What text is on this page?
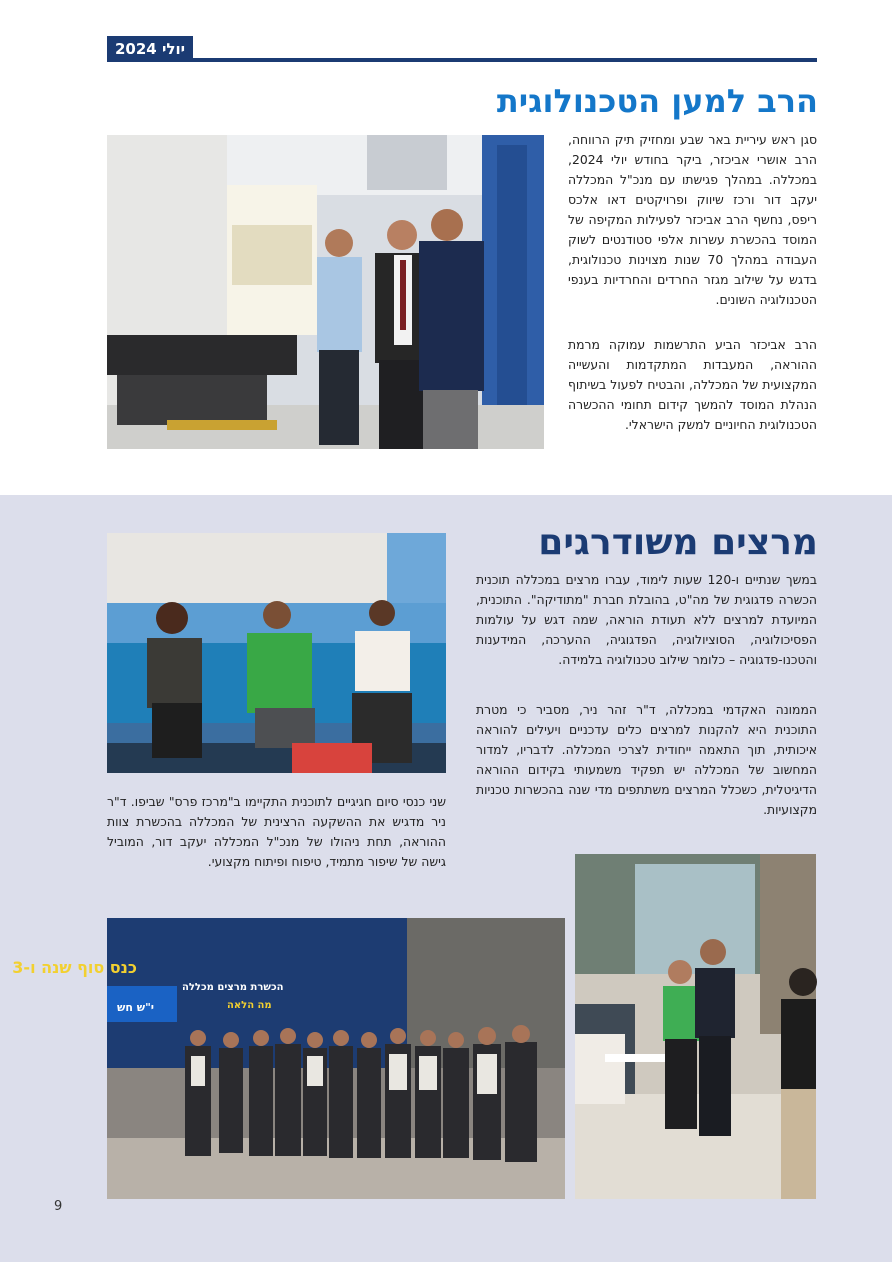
יולי 2024
הרב למען הטכנולוגית

סגן ראש עיריית באר שבע ומחזיק תיק הרווחה, הרב אושרי אביכזר, ביקר בחודש יולי 2024, במכללה. במהלך פגישתו עם מנכ"ל המכללה יעקב דור ורכז שיווק ופרויקטים דאו אלכס ריפס, נחשף הרב אביכזר לפעילות המקיפה של המוסד בהכשרת עשרות אלפי סטודנטים לשוק העבודה במהלך 70 שנות מצוינות טכנולוגית, בדגש על שילוב מגזר החרדים והחרדיות בענפי הטכנולוגיה השונים.

הרב אביכזר הביע התרשמות עמוקה מרמת ההוראה, המעבדות המתקדמות והעשייה המקצועית של המכללה, והבטיח לפעול בשיתוף הנהלת המוסד להמשך קידום תחומי ההכשרה הטכנולוגית החיוניים למשק הישראלי.

מרצים משודרגים

במשך שנתיים ו-120 שעות לימוד, עברו מרצים במכללה תוכנית הכשרה פדגוגית של מה"ט, בהובלת חברת "מתודיקה". התוכנית, המיועדת למרצים ללא תעודת הוראה, שמה דגש על עולמות הפסיכולוגיה, הסוציולוגיה, הפדגוגיה, ההערכה, המידענות והטכנו-פדגוגיה – כלומר שילוב טכנולוגיה בלמידה.

הממונה האקדמי במכללה, ד"ר זהר ניר, מסביר כי מטרת התוכנית היא להקנות למרצים כלים עדכניים ויעילים להוראה איכותית, תוך התאמה ייחודית לצרכי המכללה. לדבריו, למדור המחשוב של המכללה יש תפקיד משמעותי בקידום ההוראה הדיגיטלית, כשכלל המרצים משתתפים מדי שנה בהכשרות טכניות מקצועיות.

שני כנסי סיום חגיגיים לתוכנית התקיימו ב"מרכז פרס" שביפו. ד"ר ניר מדגיש את ההשקעה הרצינית של המכללה בהכשרת צוות ההוראה, תחת ניהולו של מנכ"ל המכללה יעקב דור, המוביל גישה של שיפור מתמיד, טיפוח ופיתוח מקצועי.

כנס סוף שנה ו-3
הכשרת מרצים מכללה
מה הלאה
י"ש חש
9
